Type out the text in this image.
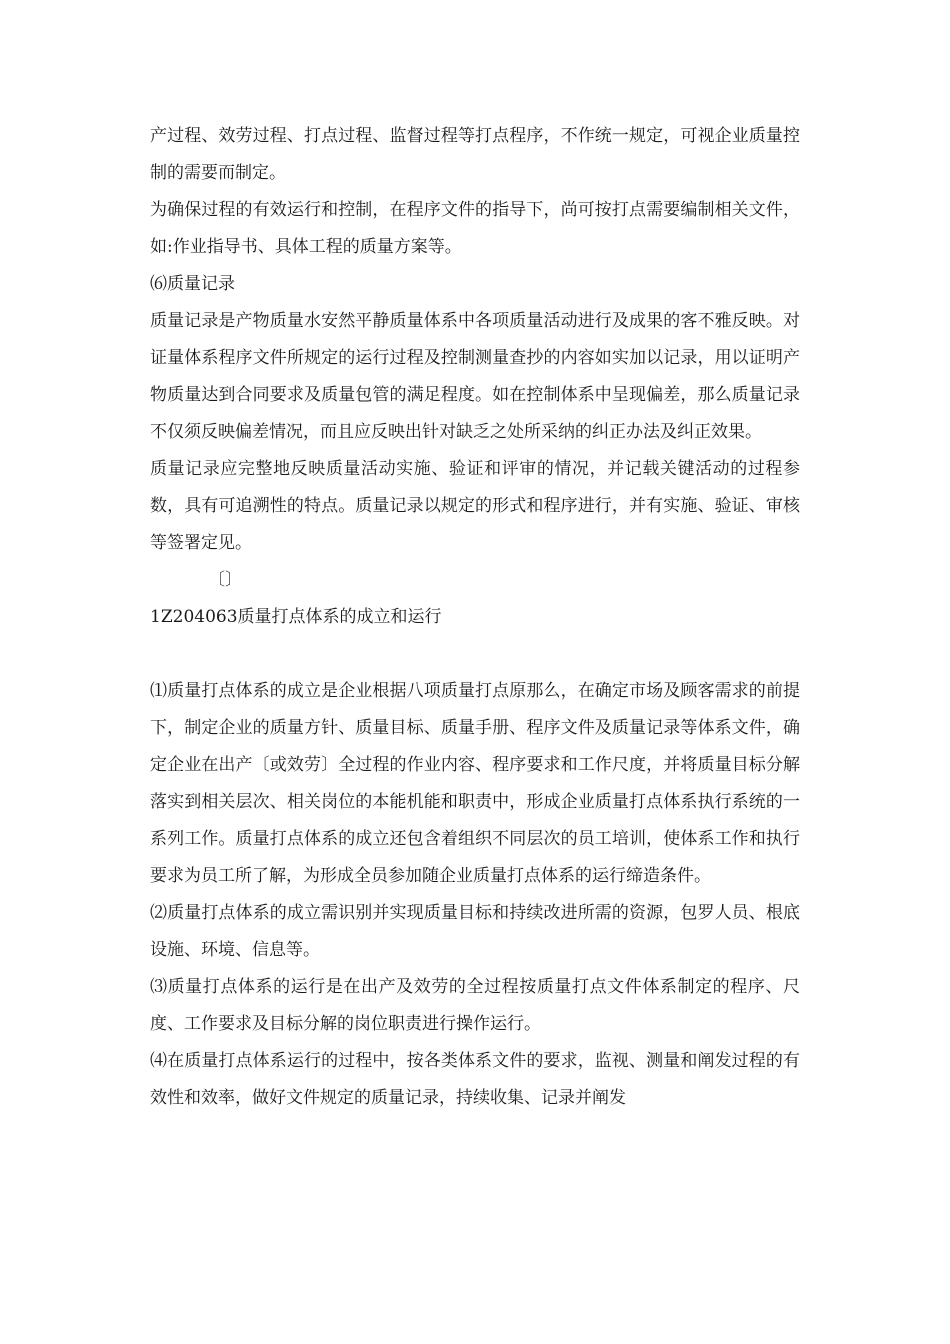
产过程、效劳过程、打点过程、监督过程等打点程序，不作统一规定，可视企业质量控制的需要而制定。

为确保过程的有效运行和控制，在程序文件的指导下，尚可按打点需要编制相关文件，如:作业指导书、具体工程的质量方案等。

⑹质量记录

质量记录是产物质量水安然平静质量体系中各项质量活动进行及成果的客不雅反映。对证量体系程序文件所规定的运行过程及控制测量查抄的内容如实加以记录，用以证明产物质量达到合同要求及质量包管的满足程度。如在控制体系中呈现偏差，那么质量记录不仅须反映偏差情况，而且应反映出针对缺乏之处所采纳的纠正办法及纠正效果。

质量记录应完整地反映质量活动实施、验证和评审的情况，并记载关键活动的过程参数，具有可追溯性的特点。质量记录以规定的形式和程序进行，并有实施、验证、审核等签署定见。

〔〕

1Z204063质量打点体系的成立和运行

⑴质量打点体系的成立是企业根据八项质量打点原那么，在确定市场及顾客需求的前提下，制定企业的质量方针、质量目标、质量手册、程序文件及质量记录等体系文件，确定企业在出产〔或效劳〕全过程的作业内容、程序要求和工作尺度，并将质量目标分解落实到相关层次、相关岗位的本能机能和职责中，形成企业质量打点体系执行系统的一系列工作。质量打点体系的成立还包含着组织不同层次的员工培训，使体系工作和执行要求为员工所了解，为形成全员参加随企业质量打点体系的运行缔造条件。

⑵质量打点体系的成立需识别并实现质量目标和持续改进所需的资源，包罗人员、根底设施、环境、信息等。

⑶质量打点体系的运行是在出产及效劳的全过程按质量打点文件体系制定的程序、尺度、工作要求及目标分解的岗位职责进行操作运行。

⑷在质量打点体系运行的过程中，按各类体系文件的要求，监视、测量和阐发过程的有效性和效率，做好文件规定的质量记录，持续收集、记录并阐发
